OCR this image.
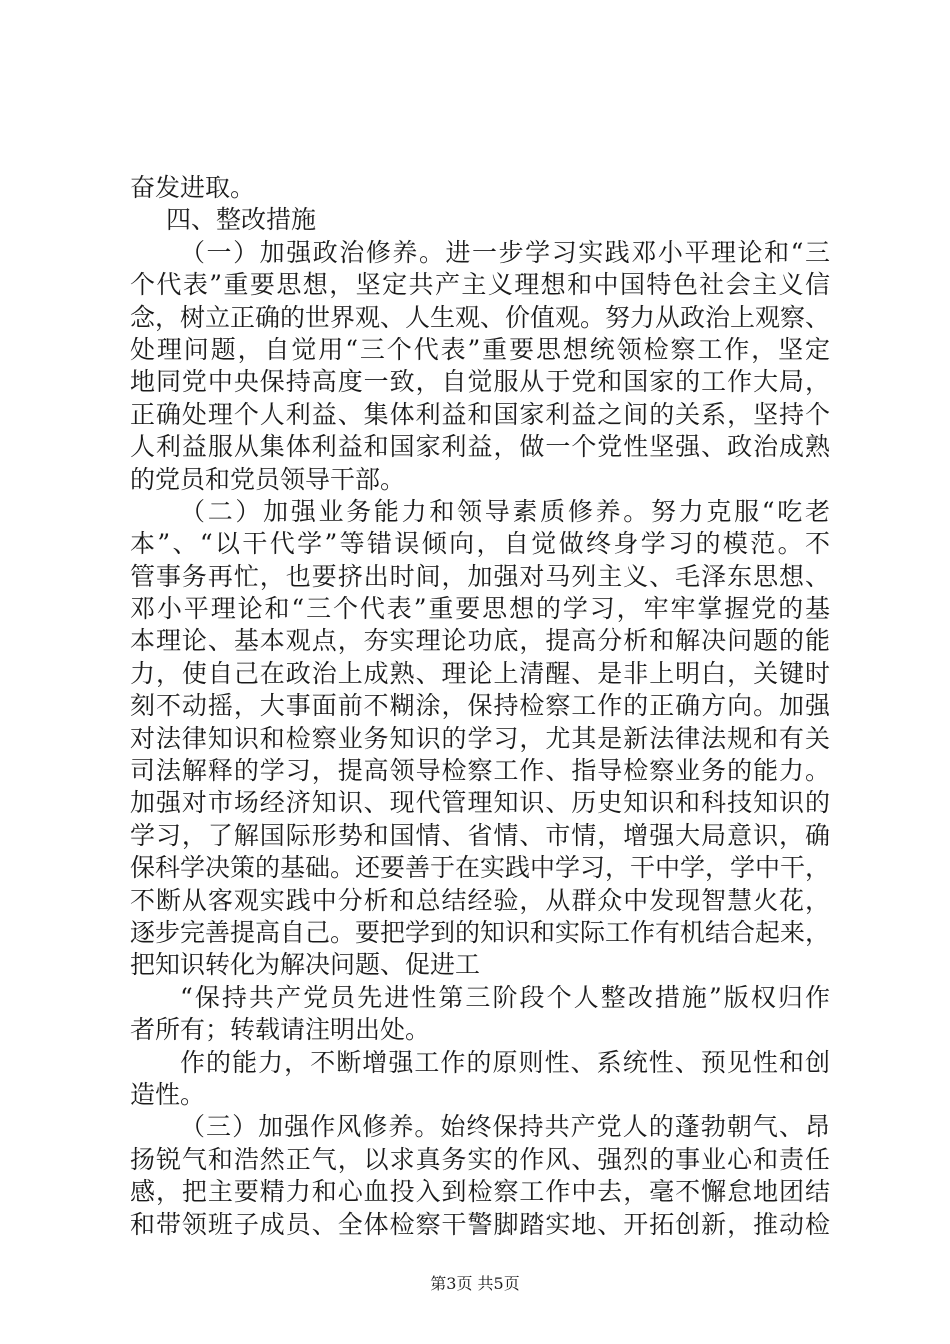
奋发进取。
四、整改措施
（一）加强政治修养。进一步学习实践邓小平理论和“三
个代表”重要思想，坚定共产主义理想和中国特色社会主义信
念，树立正确的世界观、人生观、价值观。努力从政治上观察、
处理问题，自觉用“三个代表”重要思想统领检察工作，坚定
地同党中央保持高度一致，自觉服从于党和国家的工作大局，
正确处理个人利益、集体利益和国家利益之间的关系，坚持个
人利益服从集体利益和国家利益，做一个党性坚强、政治成熟
的党员和党员领导干部。
（二）加强业务能力和领导素质修养。努力克服“吃老
本”、“以干代学”等错误倾向，自觉做终身学习的模范。不
管事务再忙，也要挤出时间，加强对马列主义、毛泽东思想、
邓小平理论和“三个代表”重要思想的学习，牢牢掌握党的基
本理论、基本观点，夯实理论功底，提高分析和解决问题的能
力，使自己在政治上成熟、理论上清醒、是非上明白，关键时
刻不动摇，大事面前不糊涂，保持检察工作的正确方向。加强
对法律知识和检察业务知识的学习，尤其是新法律法规和有关
司法解释的学习，提高领导检察工作、指导检察业务的能力。
加强对市场经济知识、现代管理知识、历史知识和科技知识的
学习，了解国际形势和国情、省情、市情，增强大局意识，确
保科学决策的基础。还要善于在实践中学习，干中学，学中干，
不断从客观实践中分析和总结经验，从群众中发现智慧火花，
逐步完善提高自己。要把学到的知识和实际工作有机结合起来，
把知识转化为解决问题、促进工
“保持共产党员先进性第三阶段个人整改措施”版权归作
者所有；转载请注明出处。
作的能力，不断增强工作的原则性、系统性、预见性和创
造性。
（三）加强作风修养。始终保持共产党人的蓬勃朝气、昂
扬锐气和浩然正气，以求真务实的作风、强烈的事业心和责任
感，把主要精力和心血投入到检察工作中去，毫不懈怠地团结
和带领班子成员、全体检察干警脚踏实地、开拓创新，推动检
第3页 共5页
